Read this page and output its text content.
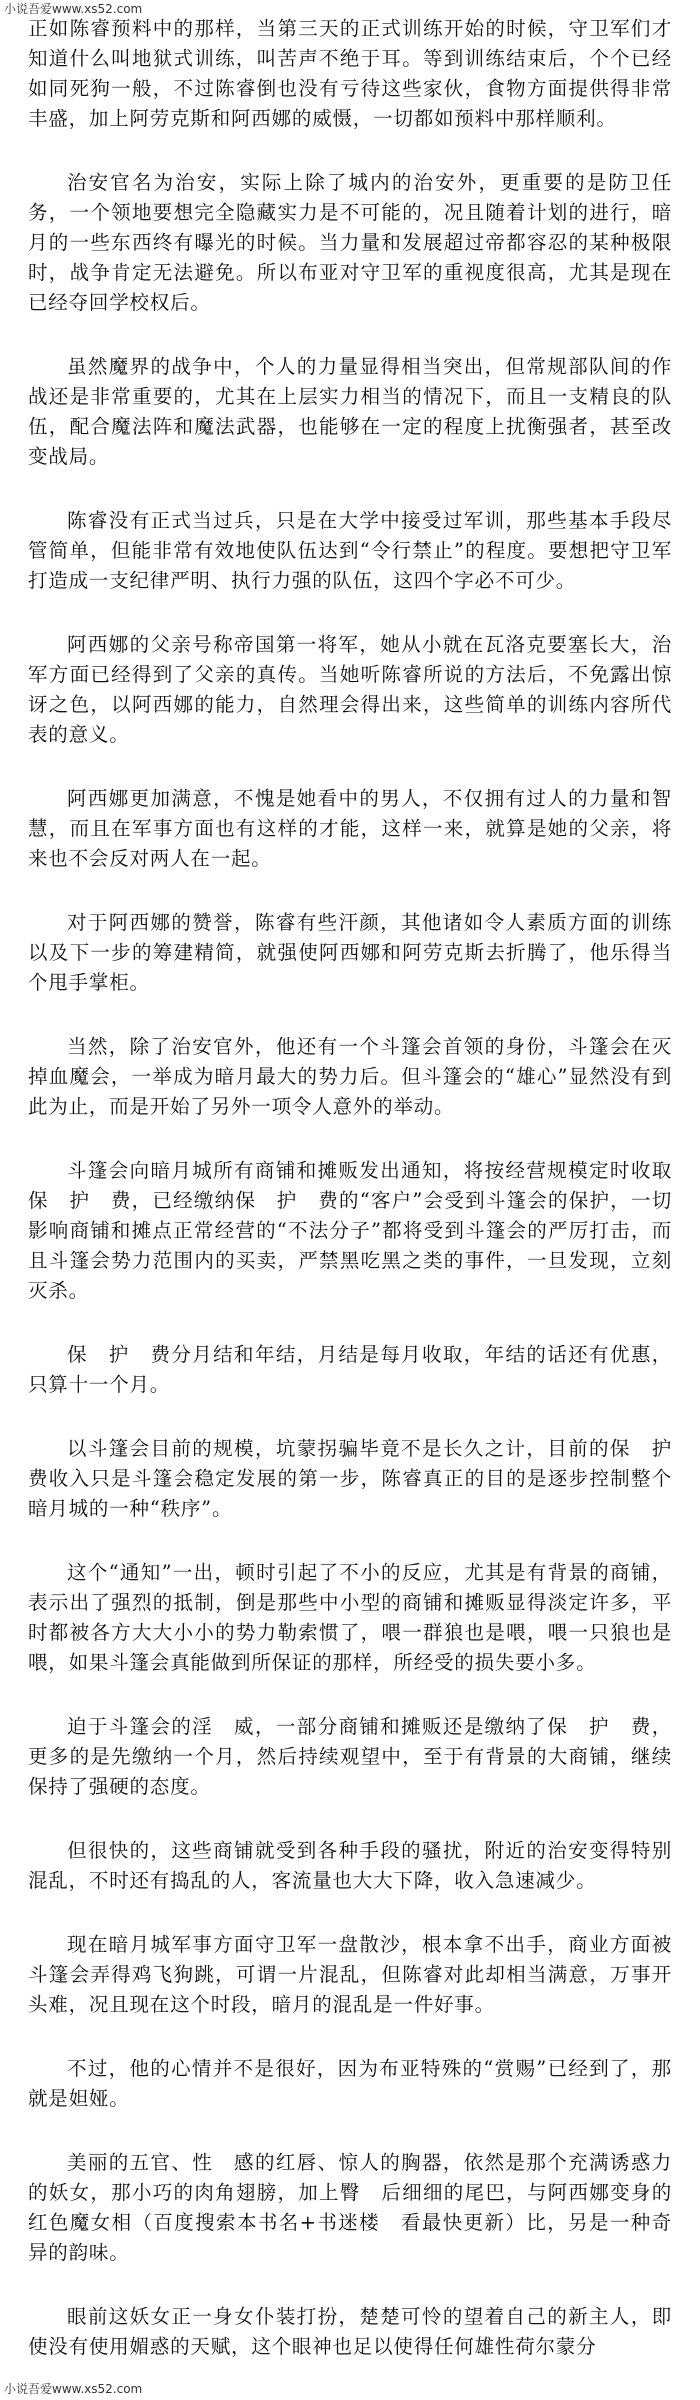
小说吾爱www.xs52.com

正如陈睿预料中的那样，当第三天的正式训练开始的时候，守卫军们才知道什么叫地狱式训练，叫苦声不绝于耳。等到训练结束后，个个已经如同死狗一般，不过陈睿倒也没有亏待这些家伙，食物方面提供得非常丰盛，加上阿劳克斯和阿西娜的威慑，一切都如预料中那样顺利。

治安官名为治安，实际上除了城内的治安外，更重要的是防卫任务，一个领地要想完全隐藏实力是不可能的，况且随着计划的进行，暗月的一些东西终有曝光的时候。当力量和发展超过帝都容忍的某种极限时，战争肯定无法避免。所以布亚对守卫军的重视度很高，尤其是现在已经夺回学校权后。

虽然魔界的战争中，个人的力量显得相当突出，但常规部队间的作战还是非常重要的，尤其在上层实力相当的情况下，而且一支精良的队伍，配合魔法阵和魔法武器，也能够在一定的程度上扰衡强者，甚至改变战局。

陈睿没有正式当过兵，只是在大学中接受过军训，那些基本手段尽管简单，但能非常有效地使队伍达到“令行禁止”的程度。要想把守卫军打造成一支纪律严明、执行力强的队伍，这四个字必不可少。

阿西娜的父亲号称帝国第一将军，她从小就在瓦洛克要塞长大，治军方面已经得到了父亲的真传。当她听陈睿所说的方法后，不免露出惊讶之色，以阿西娜的能力，自然理会得出来，这些简单的训练内容所代表的意义。

阿西娜更加满意，不愧是她看中的男人，不仅拥有过人的力量和智慧，而且在军事方面也有这样的才能，这样一来，就算是她的父亲，将来也不会反对两人在一起。

对于阿西娜的赞誉，陈睿有些汗颜，其他诸如令人素质方面的训练以及下一步的筹建精简，就强使阿西娜和阿劳克斯去折腾了，他乐得当个甩手掌柜。

当然，除了治安官外，他还有一个斗篷会首领的身份，斗篷会在灭掉血魔会，一举成为暗月最大的势力后。但斗篷会的“雄心”显然没有到此为止，而是开始了另外一项令人意外的举动。

斗篷会向暗月城所有商铺和摊贩发出通知，将按经营规模定时收取保　护　费，已经缴纳保　护　费的“客户”会受到斗篷会的保护，一切影响商铺和摊点正常经营的“不法分子”都将受到斗篷会的严厉打击，而且斗篷会势力范围内的买卖，严禁黑吃黑之类的事件，一旦发现，立刻灭杀。

保　护　费分月结和年结，月结是每月收取，年结的话还有优惠，只算十一个月。

以斗篷会目前的规模，坑蒙拐骗毕竟不是长久之计，目前的保　护　费收入只是斗篷会稳定发展的第一步，陈睿真正的目的是逐步控制整个暗月城的一种“秩序”。

这个“通知”一出，顿时引起了不小的反应，尤其是有背景的商铺，表示出了强烈的抵制，倒是那些中小型的商铺和摊贩显得淡定许多，平时都被各方大大小小的势力勒索惯了，喂一群狼也是喂，喂一只狼也是喂，如果斗篷会真能做到所保证的那样，所经受的损失要小多。

迫于斗篷会的淫　威，一部分商铺和摊贩还是缴纳了保　护　费，更多的是先缴纳一个月，然后持续观望中，至于有背景的大商铺，继续保持了强硬的态度。

但很快的，这些商铺就受到各种手段的骚扰，附近的治安变得特别混乱，不时还有捣乱的人，客流量也大大下降，收入急速减少。

现在暗月城军事方面守卫军一盘散沙，根本拿不出手，商业方面被斗篷会弄得鸡飞狗跳，可谓一片混乱，但陈睿对此却相当满意，万事开头难，况且现在这个时段，暗月的混乱是一件好事。

不过，他的心情并不是很好，因为布亚特殊的“赏赐”已经到了，那就是妲娅。

美丽的五官、性　感的红唇、惊人的胸器，依然是那个充满诱惑力的妖女，那小巧的肉角翅膀，加上臀　后细细的尾巴，与阿西娜变身的红色魔女相（百度搜索本书名+书迷楼　看最快更新）比，另是一种奇异的韵味。

眼前这妖女正一身女仆装打扮，楚楚可怜的望着自己的新主人，即使没有使用媚惑的天赋，这个眼神也足以使得任何雄性荷尔蒙分

小说吾爱www.xs52.com
